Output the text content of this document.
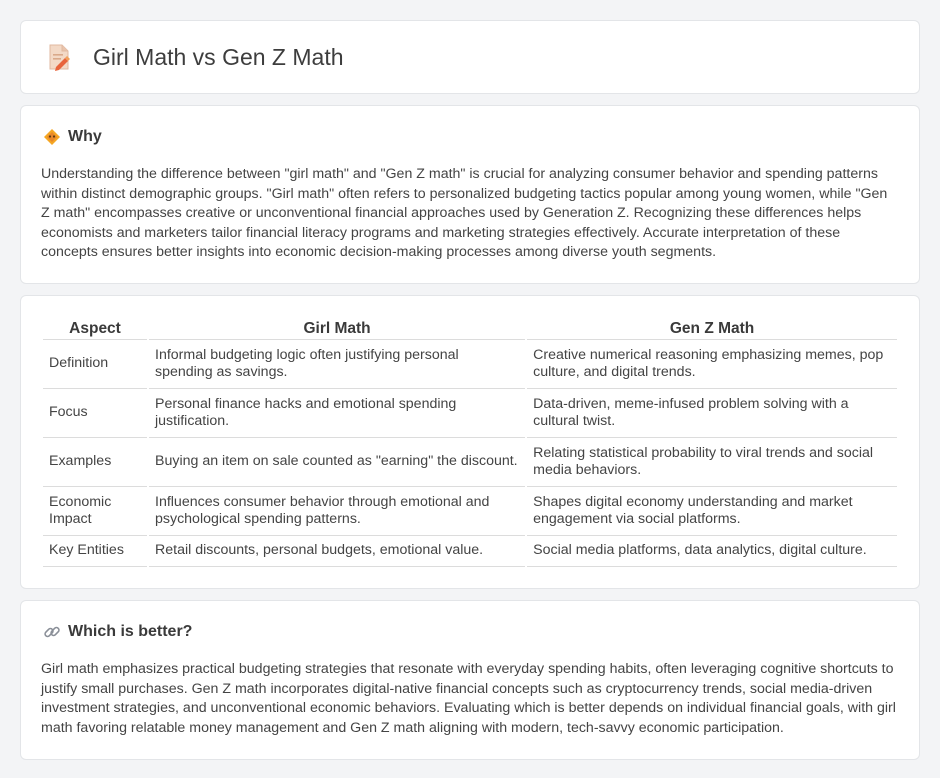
Girl Math vs Gen Z Math
Why

Understanding the difference between "girl math" and "Gen Z math" is crucial for analyzing consumer behavior and spending patterns within distinct demographic groups. "Girl math" often refers to personalized budgeting tactics popular among young women, while "Gen Z math" encompasses creative or unconventional financial approaches used by Generation Z. Recognizing these differences helps economists and marketers tailor financial literacy programs and marketing strategies effectively. Accurate interpretation of these concepts ensures better insights into economic decision-making processes among diverse youth segments.

Aspect	Girl Math	Gen Z Math
Definition	Informal budgeting logic often justifying personal spending as savings.	Creative numerical reasoning emphasizing memes, pop culture, and digital trends.
Focus	Personal finance hacks and emotional spending justification.	Data-driven, meme-infused problem solving with a cultural twist.
Examples	Buying an item on sale counted as "earning" the discount.	Relating statistical probability to viral trends and social media behaviors.
Economic Impact	Influences consumer behavior through emotional and psychological spending patterns.	Shapes digital economy understanding and market engagement via social platforms.
Key Entities	Retail discounts, personal budgets, emotional value.	Social media platforms, data analytics, digital culture.
Which is better?

Girl math emphasizes practical budgeting strategies that resonate with everyday spending habits, often leveraging cognitive shortcuts to justify small purchases. Gen Z math incorporates digital-native financial concepts such as cryptocurrency trends, social media-driven investment strategies, and unconventional economic behaviors. Evaluating which is better depends on individual financial goals, with girl math favoring relatable money management and Gen Z math aligning with modern, tech-savvy economic participation.
